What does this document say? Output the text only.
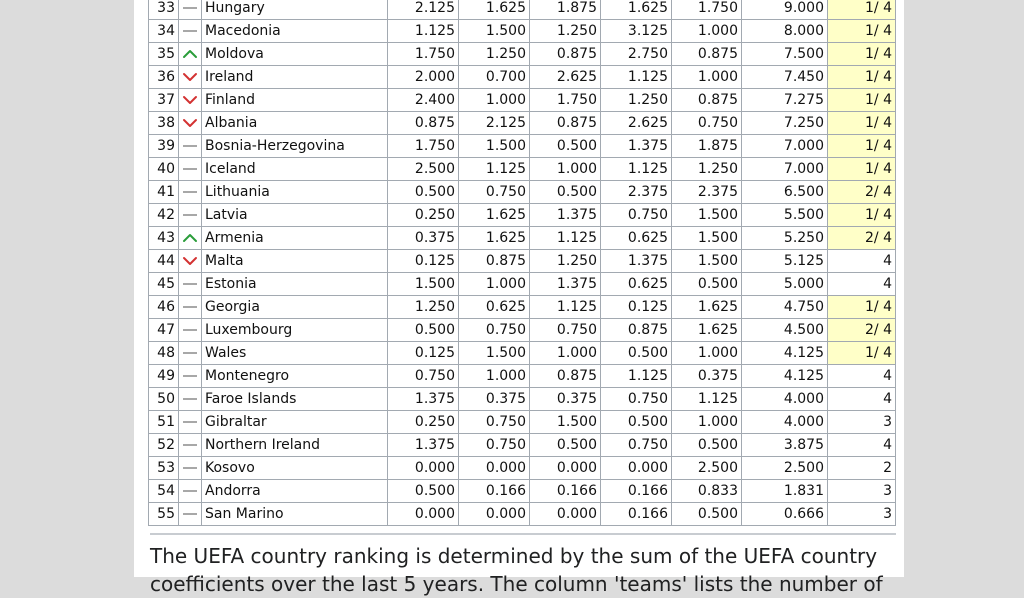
33		Hungary	2.125	1.625	1.875	1.625	1.750	9.000	1/ 4
34		Macedonia	1.125	1.500	1.250	3.125	1.000	8.000	1/ 4
35		Moldova	1.750	1.250	0.875	2.750	0.875	7.500	1/ 4
36		Ireland	2.000	0.700	2.625	1.125	1.000	7.450	1/ 4
37		Finland	2.400	1.000	1.750	1.250	0.875	7.275	1/ 4
38		Albania	0.875	2.125	0.875	2.625	0.750	7.250	1/ 4
39		Bosnia-Herzegovina	1.750	1.500	0.500	1.375	1.875	7.000	1/ 4
40		Iceland	2.500	1.125	1.000	1.125	1.250	7.000	1/ 4
41		Lithuania	0.500	0.750	0.500	2.375	2.375	6.500	2/ 4
42		Latvia	0.250	1.625	1.375	0.750	1.500	5.500	1/ 4
43		Armenia	0.375	1.625	1.125	0.625	1.500	5.250	2/ 4
44		Malta	0.125	0.875	1.250	1.375	1.500	5.125	4
45		Estonia	1.500	1.000	1.375	0.625	0.500	5.000	4
46		Georgia	1.250	0.625	1.125	0.125	1.625	4.750	1/ 4
47		Luxembourg	0.500	0.750	0.750	0.875	1.625	4.500	2/ 4
48		Wales	0.125	1.500	1.000	0.500	1.000	4.125	1/ 4
49		Montenegro	0.750	1.000	0.875	1.125	0.375	4.125	4
50		Faroe Islands	1.375	0.375	0.375	0.750	1.125	4.000	4
51		Gibraltar	0.250	0.750	1.500	0.500	1.000	4.000	3
52		Northern Ireland	1.375	0.750	0.500	0.750	0.500	3.875	4
53		Kosovo	0.000	0.000	0.000	0.000	2.500	2.500	2
54		Andorra	0.500	0.166	0.166	0.166	0.833	1.831	3
55		San Marino	0.000	0.000	0.000	0.166	0.500	0.666	3

The UEFA country ranking is determined by the sum of the UEFA country coefficients over the last 5 years. The column 'teams' lists the number of
